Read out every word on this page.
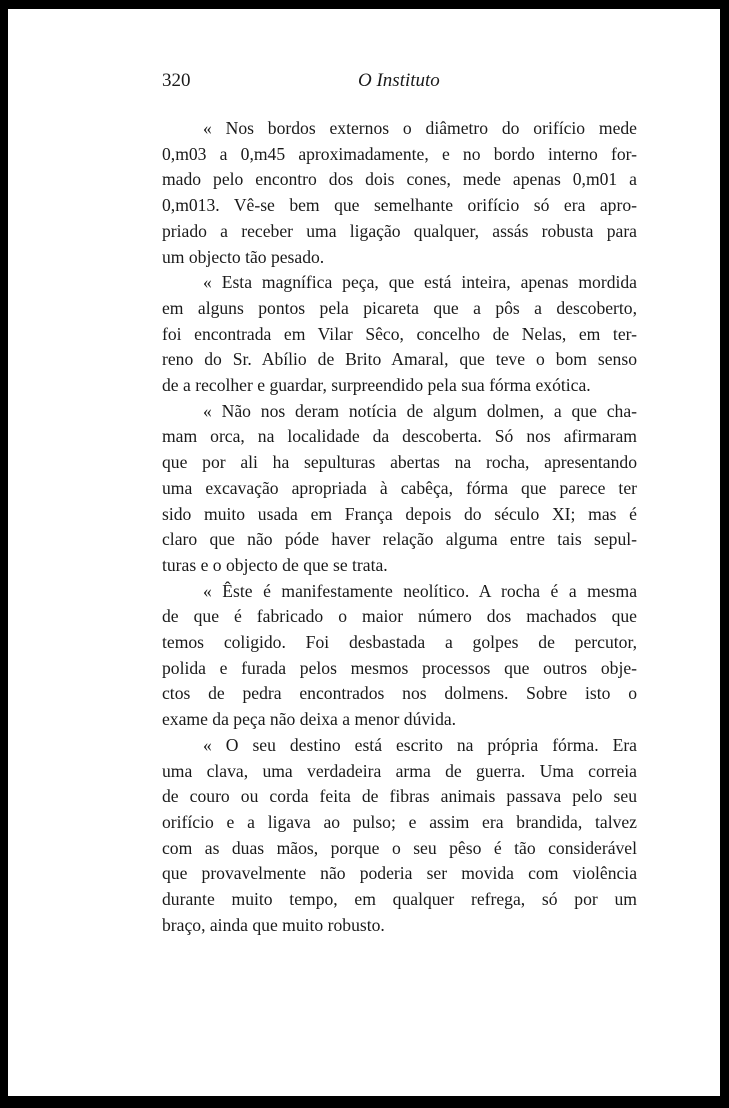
320	O Instituto

« Nos bordos externos o diâmetro do orifício mede
0,m03 a 0,m45 aproximadamente, e no bordo interno for-
mado pelo encontro dos dois cones, mede apenas 0,m01 a
0,m013. Vê-se bem que semelhante orifício só era apro-
priado a receber uma ligação qualquer, assás robusta para
um objecto tão pesado.

« Esta magnífica peça, que está inteira, apenas mordida
em alguns pontos pela picareta que a pôs a descoberto,
foi encontrada em Vilar Sêco, concelho de Nelas, em ter-
reno do Sr. Abílio de Brito Amaral, que teve o bom senso
de a recolher e guardar, surpreendido pela sua fórma exótica.

« Não nos deram notícia de algum dolmen, a que cha-
mam orca, na localidade da descoberta. Só nos afirmaram
que por ali ha sepulturas abertas na rocha, apresentando
uma excavação apropriada à cabêça, fórma que parece ter
sido muito usada em França depois do século XI; mas é
claro que não póde haver relação alguma entre tais sepul-
turas e o objecto de que se trata.

« Êste é manifestamente neolítico. A rocha é a mesma
de que é fabricado o maior número dos machados que
temos coligido. Foi desbastada a golpes de percutor,
polida e furada pelos mesmos processos que outros obje-
ctos de pedra encontrados nos dolmens. Sobre isto o
exame da peça não deixa a menor dúvida.

« O seu destino está escrito na própria fórma. Era
uma clava, uma verdadeira arma de guerra. Uma correia
de couro ou corda feita de fibras animais passava pelo seu
orifício e a ligava ao pulso; e assim era brandida, talvez
com as duas mãos, porque o seu pêso é tão considerável
que provavelmente não poderia ser movida com violência
durante muito tempo, em qualquer refrega, só por um
braço, ainda que muito robusto.
